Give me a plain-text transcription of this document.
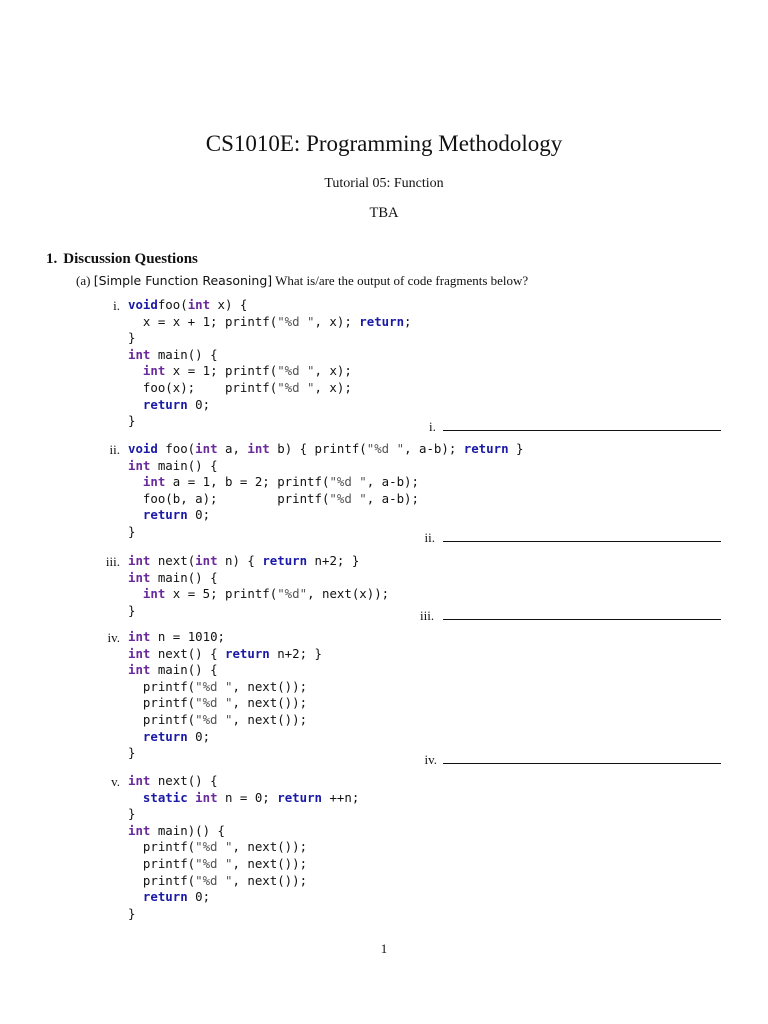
CS1010E: Programming Methodology
Tutorial 05: Function
TBA
1. Discussion Questions
(a) [Simple Function Reasoning] What is/are the output of code fragments below?
i. voidfoo(int x) {
x = x + 1; printf("%d ", x); return;
}
int main() {
int x = 1; printf("%d ", x);
foo(x);    printf("%d ", x);
return 0;
}	i.
ii. void foo(int a, int b) { printf("%d ", a-b); return }
int main() {
int a = 1, b = 2; printf("%d ", a-b);
foo(b, a);        printf("%d ", a-b);
return 0;
}	ii.
iii. int next(int n) { return n+2; }
int main() {
int x = 5; printf("%d", next(x));
}	iii.
iv. int n = 1010;
int next() { return n+2; }
int main() {
printf("%d ", next());
printf("%d ", next());
printf("%d ", next());
return 0;
}	iv.
v. int next() {
static int n = 0; return ++n;
}
int main)() {
printf("%d ", next());
printf("%d ", next());
printf("%d ", next());
return 0;
}
1
